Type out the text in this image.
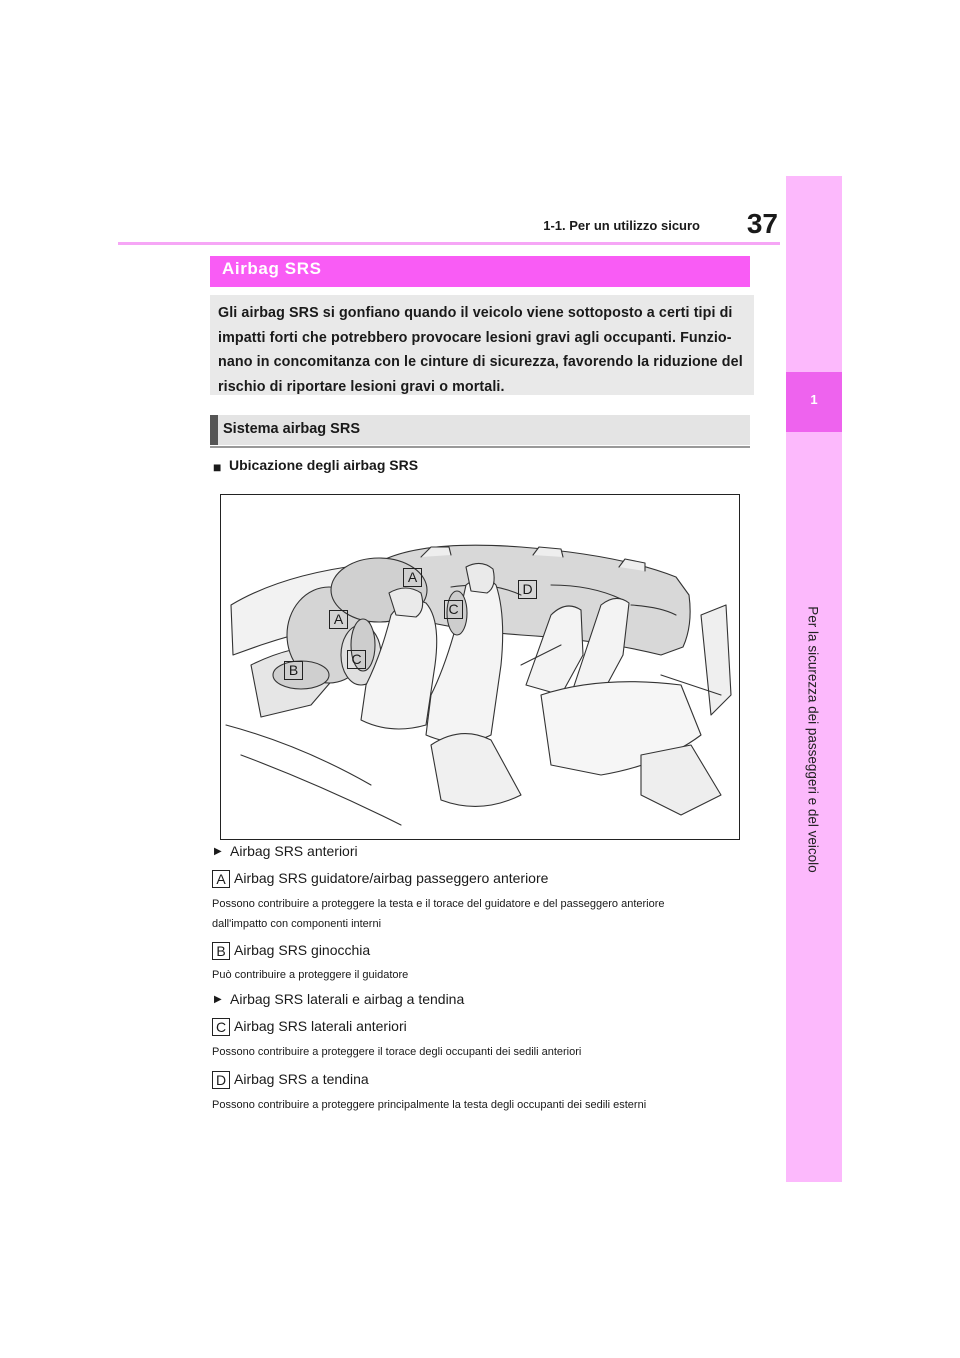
37
1-1. Per un utilizzo sicuro
1
Per la sicurezza dei passeggeri e del veicolo
Airbag SRS
Gli airbag SRS si gonfiano quando il veicolo viene sottoposto a certi tipi di
impatti forti che potrebbero provocare lesioni gravi agli occupanti. Funzio-
nano in concomitanza con le cinture di sicurezza, favorendo la riduzione del
rischio di riportare lesioni gravi o mortali.
Sistema airbag SRS
■ Ubicazione degli airbag SRS
A
D
C
A
C
B
▶ Airbag SRS anteriori
A Airbag SRS guidatore/airbag passeggero anteriore
Possono contribuire a proteggere la testa e il torace del guidatore e del passeggero anteriore
dall'impatto con componenti interni
B Airbag SRS ginocchia
Può contribuire a proteggere il guidatore
▶ Airbag SRS laterali e airbag a tendina
C Airbag SRS laterali anteriori
Possono contribuire a proteggere il torace degli occupanti dei sedili anteriori
D Airbag SRS a tendina
Possono contribuire a proteggere principalmente la testa degli occupanti dei sedili esterni
